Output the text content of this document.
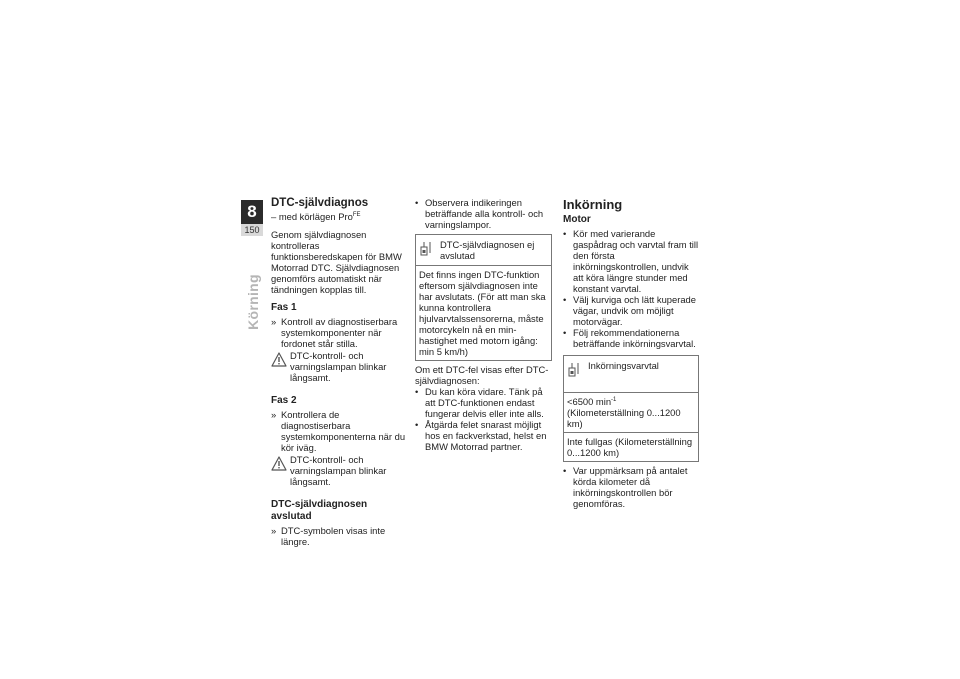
8
150
Körning
DTC-självdiagnos

– med körlägen Pro$^{FE}$

Genom självdiagnosen kontrolleras funktionsberedskapen för BMW Motorrad DTC. Självdiagnosen genomförs automatiskt när tändningen kopplas till.

Fas 1
» Kontroll av diagnostiserbara systemkomponenter när fordonet står stilla.
DTC-kontroll- och varningslampan blinkar långsamt.
Fas 2
» Kontrollera de diagnostiserbara systemkomponenterna när du kör iväg.
DTC-kontroll- och varningslampan blinkar långsamt.
DTC-självdiagnosen avslutad
» DTC-symbolen visas inte längre.
• Observera indikeringen beträffande alla kontroll- och varningslampor.
DTC-självdiagnosen ej avslutad
Det finns ingen DTC-funktion eftersom självdiagnosen inte har avslutats. (För att man ska kunna kontrollera hjulvarvtalssensorerna, måste motorcykeln nå en min-hastighet med motorn igång: min 5 km/h)

Om ett DTC-fel visas efter DTC-självdiagnosen:

• Du kan köra vidare. Tänk på att DTC-funktionen endast fungerar delvis eller inte alls.
• Åtgärda felet snarast möjligt hos en fackverkstad, helst en BMW Motorrad partner.
Inkörning
Motor
• Kör med varierande gaspådrag och varvtal fram till den första inkörningskontrollen, undvik att köra längre stunder med konstant varvtal.
• Välj kurviga och lätt kuperade vägar, undvik om möjligt motorvägar.
• Följ rekommendationerna beträffande inkörningsvarvtal.
Inkörningsvarvtal
<6500 $\min^{-1}$ (Kilometerställning 0...1200 km)
Inte fullgas (Kilometerställning 0...1200 km)
• Var uppmärksam på antalet körda kilometer då inkörningskontrollen bör genomföras.
